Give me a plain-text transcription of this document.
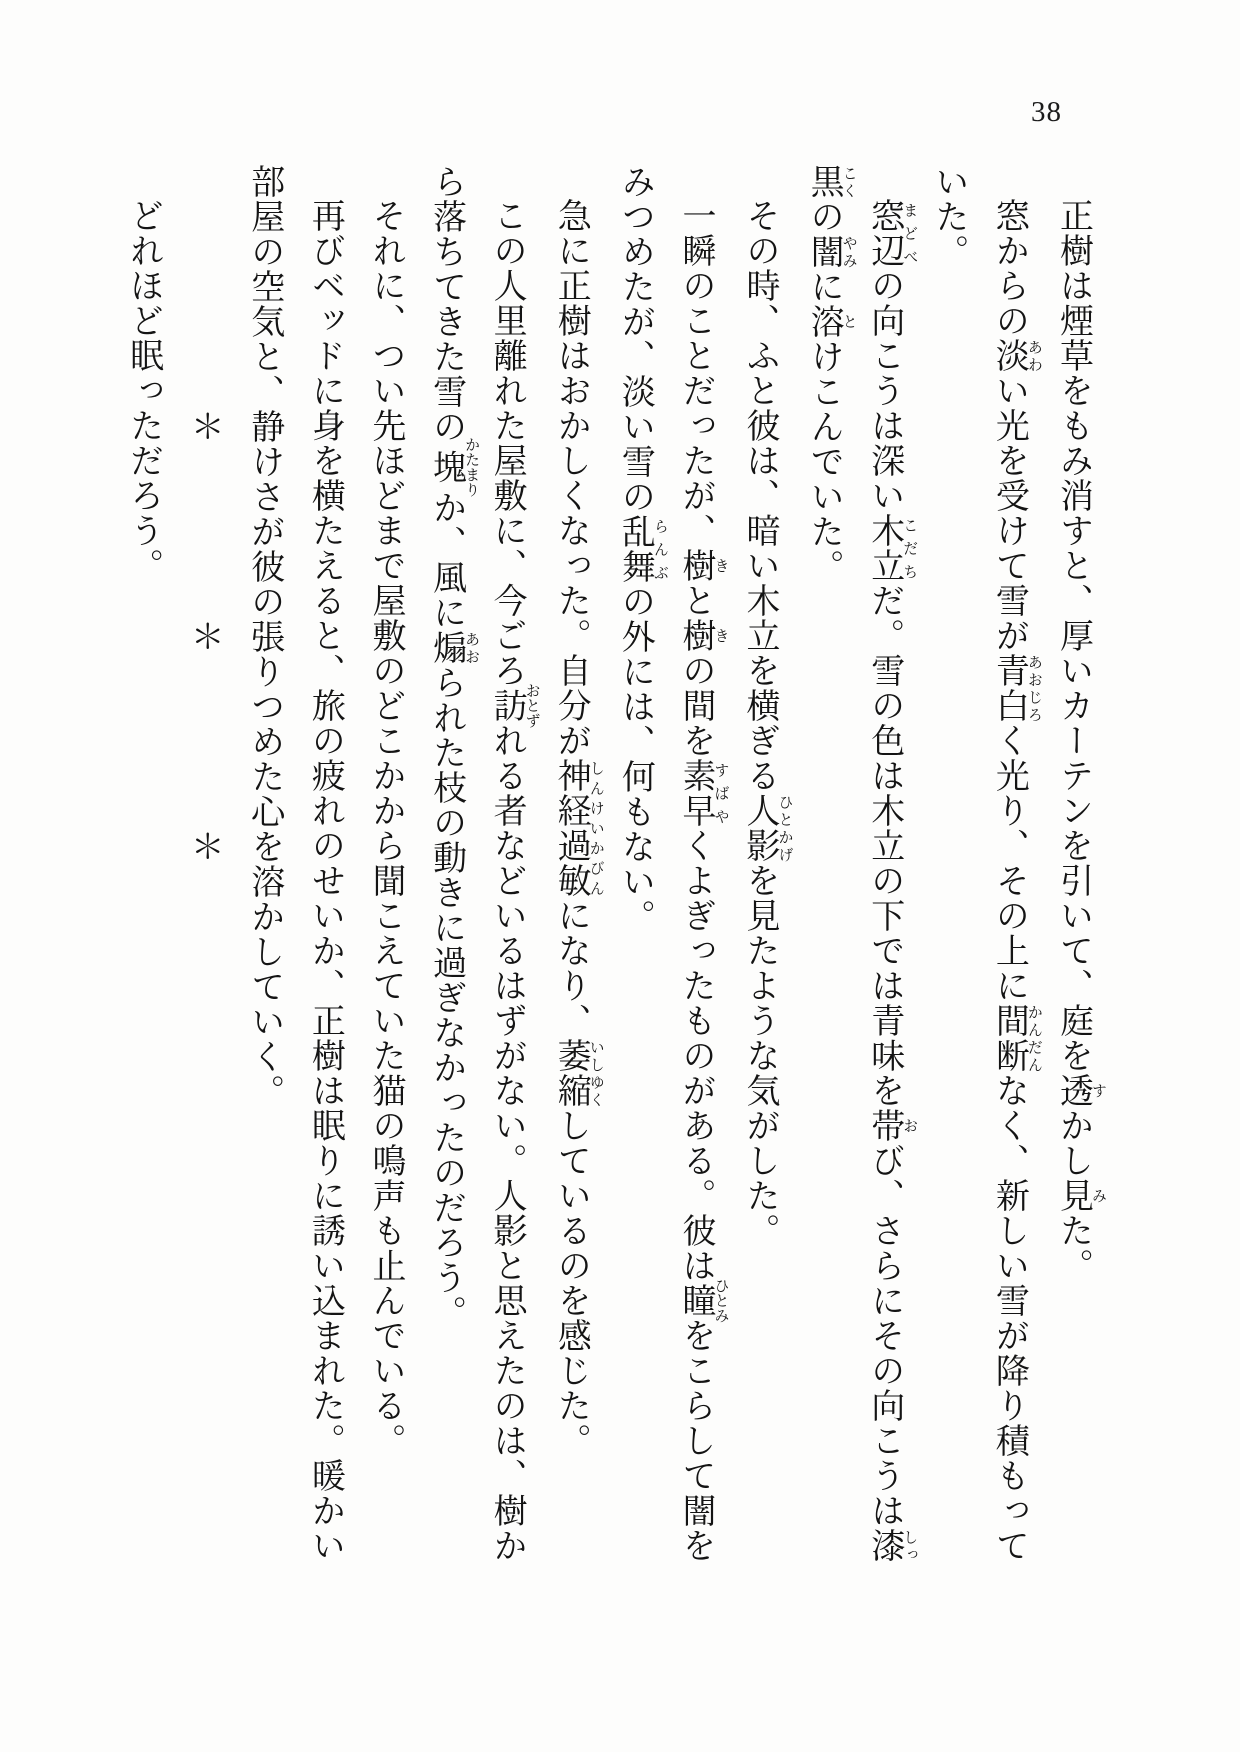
38

正樹は煙草をもみ消すと、厚いカーテンを引いて、庭を透すかし見みた。

窓からの淡あわい光を受けて雪が青白あおじろく光り、その上に間断かんだんなく、新しい雪が降り積もっていた。

窓辺まどべの向こうは深い木立こだちだ。雪の色は木立の下では青味を帯おび、さらにその向こうは漆しっ黒こくの闇やみに溶とけこんでいた。

その時、ふと彼は、暗い木立を横ぎる人影ひとかげを見たような気がした。

一瞬のことだったが、樹きと樹きの間を素早すばやくよぎったものがある。彼は瞳ひとみをこらして闇をみつめたが、淡い雪の乱舞らんぶの外には、何もない。

急に正樹はおかしくなった。自分が神経過敏しんけいかびんになり、萎縮いしゆくしているのを感じた。

この人里離れた屋敷に、今ごろ訪おとずれる者などいるはずがない。人影と思えたのは、樹から落ちてきた雪の塊かたまりか、風に煽あおられた枝の動きに過ぎなかったのだろう。

それに、つい先ほどまで屋敷のどこかから聞こえていた猫の鳴声も止んでいる。

再びベッドに身を横たえると、旅の疲れのせいか、正樹は眠りに誘い込まれた。暖かい部屋の空気と、静けさが彼の張りつめた心を溶かしていく。

　　　　　　　＊　　　　　＊　　　　　＊

どれほど眠っただろう。
